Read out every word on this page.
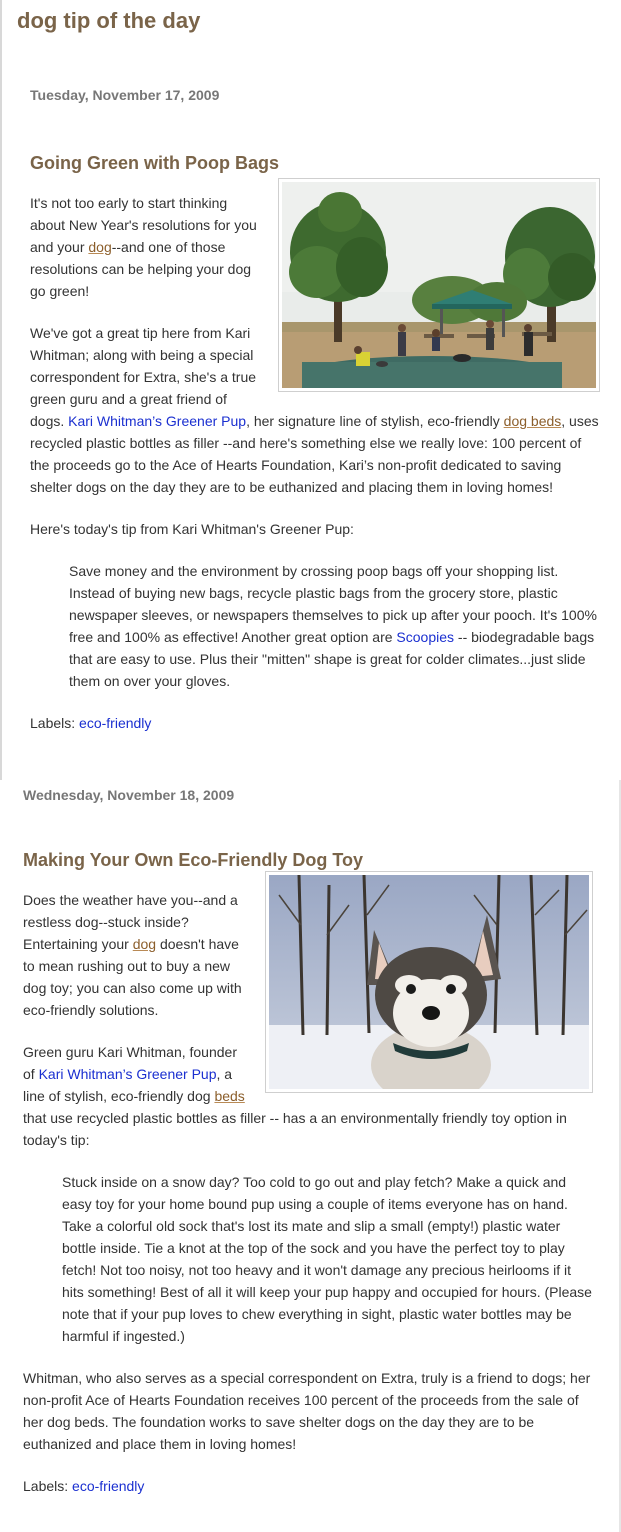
dog tip of the day
Tuesday, November 17, 2009
Going Green with Poop Bags

It's not too early to start thinking about New Year's resolutions for you and your dog--and one of those resolutions can be helping your dog go green!

We've got a great tip here from Kari Whitman; along with being a special correspondent for Extra, she's a true green guru and a great friend of dogs. Kari Whitman’s Greener Pup, her signature line of stylish, eco-friendly dog beds, uses recycled plastic bottles as filler --and here's something else we really love: 100 percent of the proceeds go to the Ace of Hearts Foundation, Kari’s non-profit dedicated to saving shelter dogs on the day they are to be euthanized and placing them in loving homes!

Here's today's tip from Kari Whitman's Greener Pup:

Save money and the environment by crossing poop bags off your shopping list. Instead of buying new bags, recycle plastic bags from the grocery store, plastic newspaper sleeves, or newspapers themselves to pick up after your pooch. It's 100% free and 100% as effective! Another great option are Scoopies -- biodegradable bags that are easy to use. Plus their "mitten" shape is great for colder climates...just slide them on over your gloves.
Labels: eco-friendly
Wednesday, November 18, 2009
Making Your Own Eco-Friendly Dog Toy

Does the weather have you--and a restless dog--stuck inside? Entertaining your dog doesn't have to mean rushing out to buy a new dog toy; you can also come up with eco-friendly solutions.

Green guru Kari Whitman, founder of Kari Whitman’s Greener Pup, a line of stylish, eco-friendly dog beds that use recycled plastic bottles as filler -- has a an environmentally friendly toy option in today's tip:

Stuck inside on a snow day? Too cold to go out and play fetch? Make a quick and easy toy for your home bound pup using a couple of items everyone has on hand. Take a colorful old sock that's lost its mate and slip a small (empty!) plastic water bottle inside. Tie a knot at the top of the sock and you have the perfect toy to play fetch! Not too noisy, not too heavy and it won't damage any precious heirlooms if it hits something! Best of all it will keep your pup happy and occupied for hours. (Please note that if your pup loves to chew everything in sight, plastic water bottles may be harmful if ingested.)

Whitman, who also serves as a special correspondent on Extra, truly is a friend to dogs; her non-profit Ace of Hearts Foundation receives 100 percent of the proceeds from the sale of her dog beds. The foundation works to save shelter dogs on the day they are to be euthanized and place them in loving homes!

Labels: eco-friendly
